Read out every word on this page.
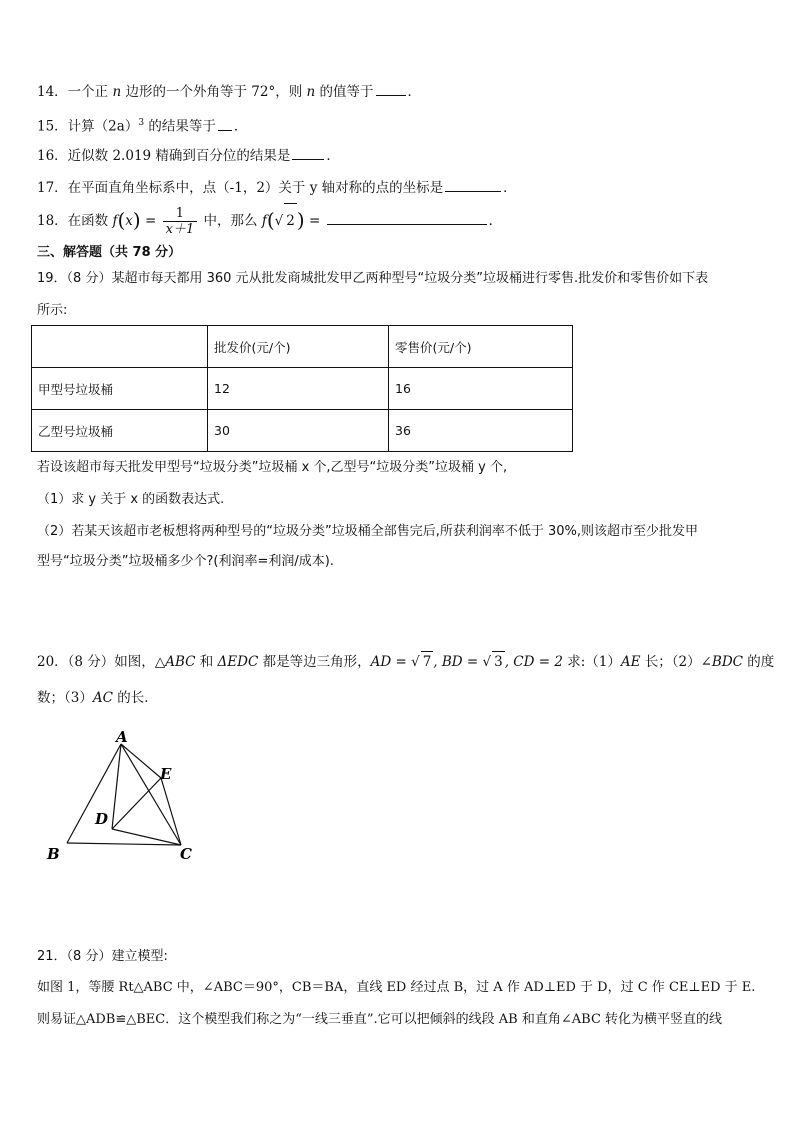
14．一个正 n 边形的一个外角等于 72°，则 n 的值等于	．
15．计算$(2a)^3$ 的结果等于 ．
16．近似数 2.019 精确到百分位的结果是	．
17．在平面直角坐标系中，点（-1，2）关于 y 轴对称的点的坐标是	．
18．在函数 $f(x) = \frac{1}{x+1}$ 中，那么 f(√ 2 ) =	．
三、解答题（共 78 分）
19．（8 分）某超市每天都用 360 元从批发商城批发甲乙两种型号“垃圾分类”垃圾桶进行零售.批发价和零售价如下表
所示:
	批发价(元/个)	零售价(元/个)
甲型号垃圾桶	12	16
乙型号垃圾桶	30	36
若设该超市每天批发甲型号“垃圾分类”垃圾桶 x 个,乙型号“垃圾分类”垃圾桶 y 个,
（1）求 y 关于 x 的函数表达式.
（2）若某天该超市老板想将两种型号的“垃圾分类”垃圾桶全部售完后,所获利润率不低于 30%,则该超市至少批发甲
型号“垃圾分类”垃圾桶多少个?(利润率=利润/成本).
20．（8 分）如图，△ABC 和 ΔEDC 都是等边三角形，AD = √ 7 , BD = √ 3 , CD = 2 求:（1）AE 长；（2）∠BDC 的度
数；（3）AC 的长．
A
E
D
B	C
21．（8 分）建立模型:
如图 1，等腰 Rt△ABC 中，∠ABC＝90°，CB＝BA，直线 ED 经过点 B，过 A 作 AD⊥ED 于 D，过 C 作 CE⊥ED 于 E.
则易证△ADB≌△BEC．这个模型我们称之为“一线三垂直”.它可以把倾斜的线段 AB 和直角∠ABC 转化为横平竖直的线
